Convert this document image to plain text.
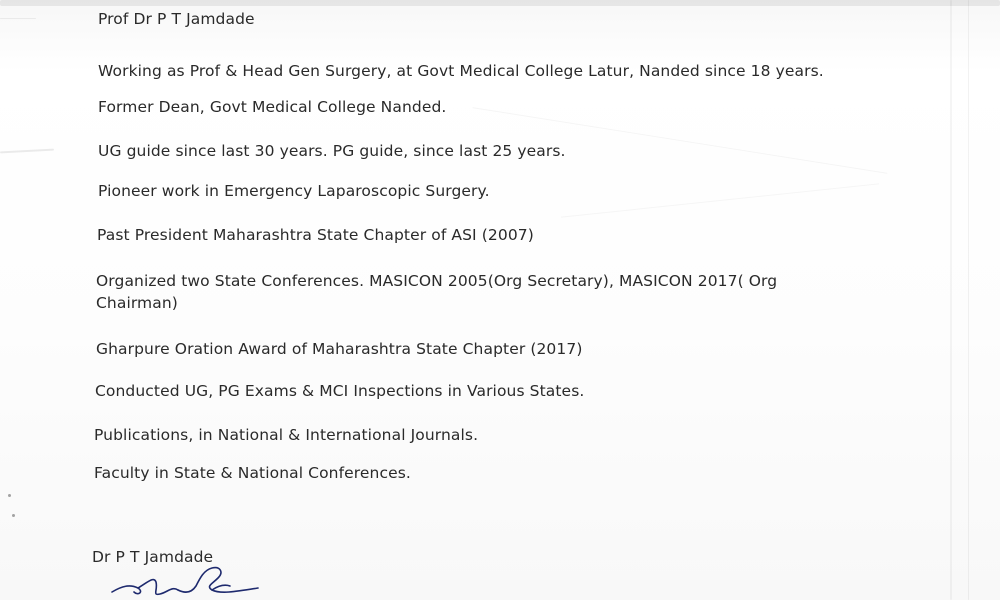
Prof Dr P T Jamdade

Working as Prof & Head Gen Surgery, at Govt Medical College Latur, Nanded since 18 years.

Former Dean, Govt Medical College Nanded.

UG guide since last 30 years. PG guide, since last 25 years.

Pioneer work in Emergency Laparoscopic Surgery.

Past President Maharashtra State Chapter of ASI (2007)

Organized two State Conferences. MASICON 2005(Org Secretary), MASICON 2017( Org Chairman)

Gharpure Oration Award of Maharashtra State Chapter (2017)

Conducted UG, PG Exams & MCI Inspections in Various States.

Publications, in National & International Journals.

Faculty in State & National Conferences.

Dr P T Jamdade
